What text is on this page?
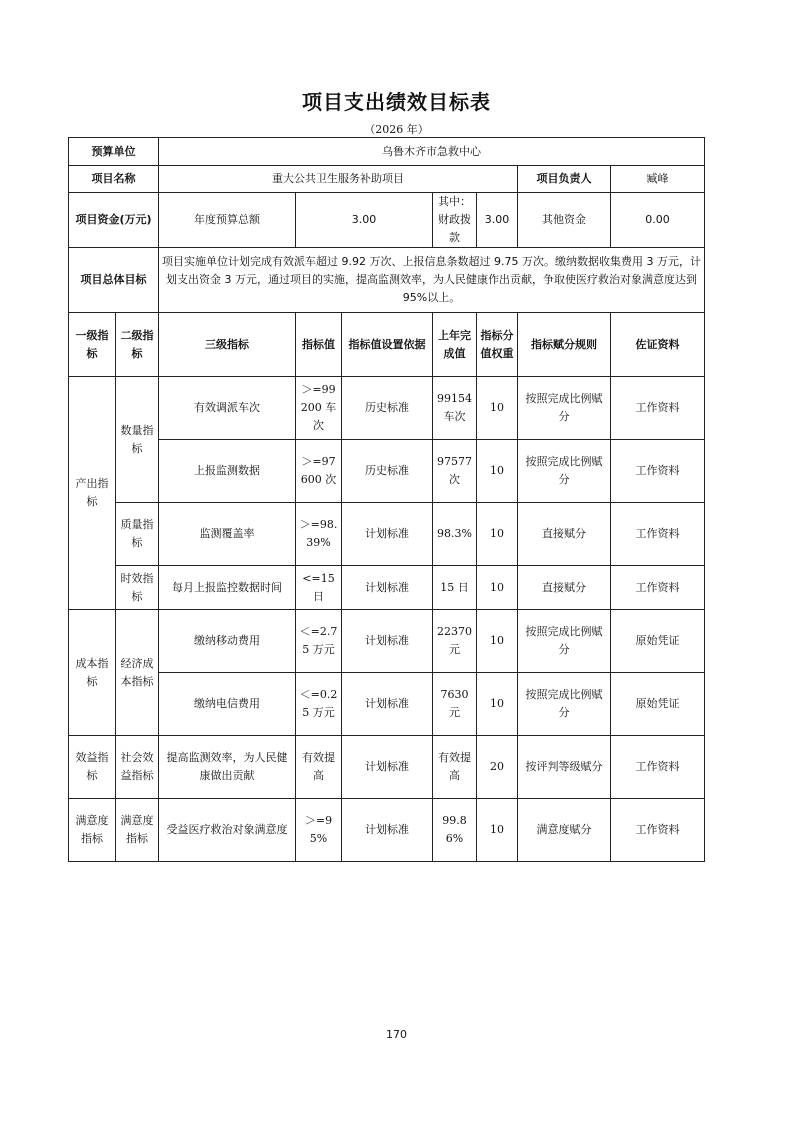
项目支出绩效目标表
（2026 年）
预算单位		乌鲁木齐市急救中心						
项目名称		重大公共卫生服务补助项目					项目负责人	臧峰
项目资金(万元)		年度预算总额	3.00		其中：财政拨款	3.00	其他资金	0.00
项目总体目标		项目实施单位计划完成有效派车超过 9.92 万次、上报信息条数超过 9.75 万次。缴纳数据收集费用 3 万元，计划支出资金 3 万元，通过项目的实施，提高监测效率，为人民健康作出贡献，争取使医疗救治对象满意度达到 95%以上。						
一级指标	二级指标	三级指标	指标值	指标值设置依据	上年完成值	指标分值权重	指标赋分规则	佐证资料
产出指标	数量指标	有效调派车次	＞=99200 车次	历史标准	99154 车次	10	按照完成比例赋分	工作资料
		上报监测数据	＞=97600 次	历史标准	97577 次	10	按照完成比例赋分	工作资料
	质量指标	监测覆盖率	＞=98.39%	计划标准	98.3%	10	直接赋分	工作资料
	时效指标	每月上报监控数据时间	<=15 日	计划标准	15 日	10	直接赋分	工作资料
成本指标	经济成本指标	缴纳移动费用	＜=2.75 万元	计划标准	22370 元	10	按照完成比例赋分	原始凭证
		缴纳电信费用	＜=0.25 万元	计划标准	7630 元	10	按照完成比例赋分	原始凭证
效益指标	社会效益指标	提高监测效率，为人民健康做出贡献	有效提高	计划标准	有效提高	20	按评判等级赋分	工作资料
满意度指标	满意度指标	受益医疗救治对象满意度	＞=95%	计划标准	99.86%	10	满意度赋分	工作资料
170
